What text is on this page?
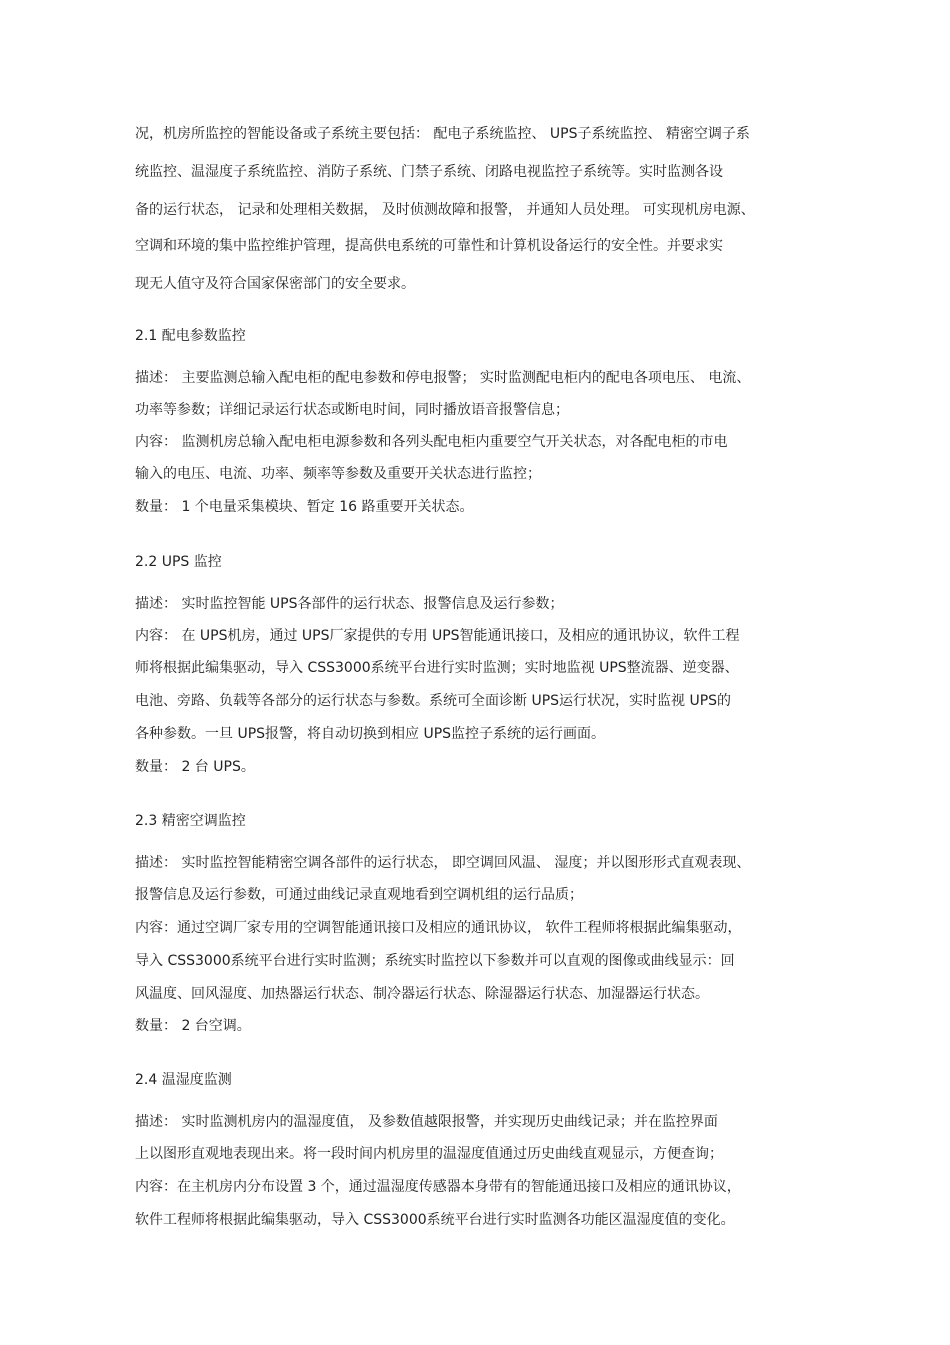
况，机房所监控的智能设备或子系统主要包括： 配电子系统监控、 UPS子系统监控、 精密空调子系
统监控、温湿度子系统监控、消防子系统、门禁子系统、闭路电视监控子系统等。实时监测各设
备的运行状态， 记录和处理相关数据， 及时侦测故障和报警， 并通知人员处理。 可实现机房电源、
空调和环境的集中监控维护管理，提高供电系统的可靠性和计算机设备运行的安全性。并要求实
现无人值守及符合国家保密部门的安全要求。
2.1 配电参数监控
描述： 主要监测总输入配电柜的配电参数和停电报警； 实时监测配电柜内的配电各项电压、 电流、
功率等参数；详细记录运行状态或断电时间，同时播放语音报警信息；
内容： 监测机房总输入配电柜电源参数和各列头配电柜内重要空气开关状态，对各配电柜的市电
输入的电压、电流、功率、频率等参数及重要开关状态进行监控；
数量： 1 个电量采集模块、暂定 16 路重要开关状态。
2.2 UPS 监控
描述： 实时监控智能 UPS各部件的运行状态、报警信息及运行参数；
内容： 在 UPS机房，通过 UPS厂家提供的专用 UPS智能通讯接口，及相应的通讯协议，软件工程
师将根据此编集驱动，导入 CSS3000系统平台进行实时监测；实时地监视 UPS整流器、逆变器、
电池、旁路、负载等各部分的运行状态与参数。系统可全面诊断 UPS运行状况，实时监视 UPS的
各种参数。一旦 UPS报警，将自动切换到相应 UPS监控子系统的运行画面。
数量： 2 台 UPS。
2.3 精密空调监控
描述： 实时监控智能精密空调各部件的运行状态， 即空调回风温、 湿度；并以图形形式直观表现、
报警信息及运行参数，可通过曲线记录直观地看到空调机组的运行品质；
内容：通过空调厂家专用的空调智能通讯接口及相应的通讯协议， 软件工程师将根据此编集驱动，
导入 CSS3000系统平台进行实时监测；系统实时监控以下参数并可以直观的图像或曲线显示：回
风温度、回风湿度、加热器运行状态、制冷器运行状态、除湿器运行状态、加湿器运行状态。
数量： 2 台空调。
2.4 温湿度监测
描述： 实时监测机房内的温湿度值， 及参数值越限报警，并实现历史曲线记录；并在监控界面
上以图形直观地表现出来。将一段时间内机房里的温湿度值通过历史曲线直观显示，方便查询；
内容：在主机房内分布设置 3 个，通过温湿度传感器本身带有的智能通迅接口及相应的通讯协议，
软件工程师将根据此编集驱动，导入 CSS3000系统平台进行实时监测各功能区温湿度值的变化。
